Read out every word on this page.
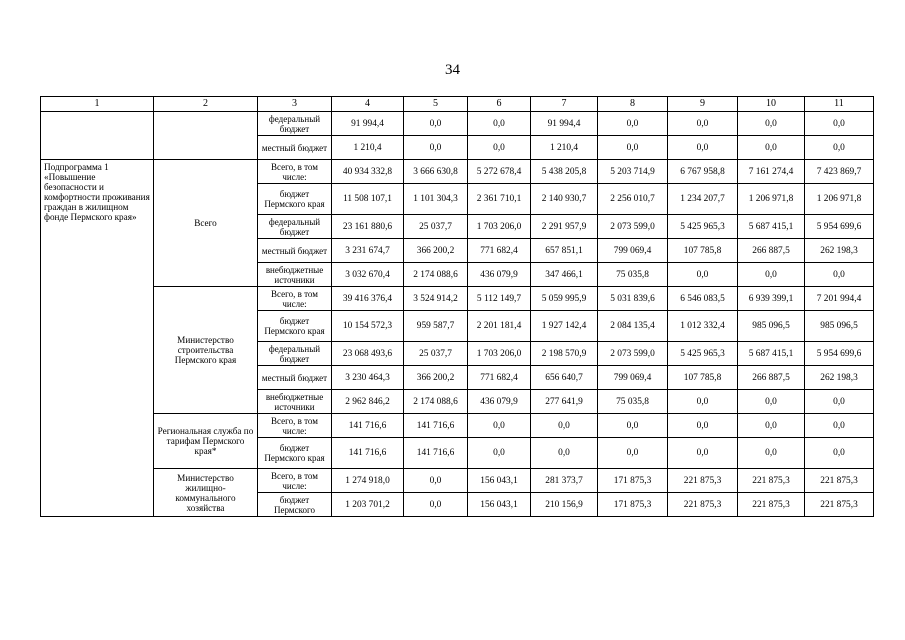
34
1	2	3	4	5	6	7	8	9	10	11
		федеральный бюджет	91 994,4	0,0	0,0	91 994,4	0,0	0,0	0,0	0,0
		местный бюджет	1 210,4	0,0	0,0	1 210,4	0,0	0,0	0,0	0,0
Подпрограмма 1 «Повышение безопасности и комфортности проживания граждан в жилищном фонде Пермского края»	Всего	Всего, в том числе:	40 934 332,8	3 666 630,8	5 272 678,4	5 438 205,8	5 203 714,9	6 767 958,8	7 161 274,4	7 423 869,7
		бюджет Пермского края	11 508 107,1	1 101 304,3	2 361 710,1	2 140 930,7	2 256 010,7	1 234 207,7	1 206 971,8	1 206 971,8
		федеральный бюджет	23 161 880,6	25 037,7	1 703 206,0	2 291 957,9	2 073 599,0	5 425 965,3	5 687 415,1	5 954 699,6
		местный бюджет	3 231 674,7	366 200,2	771 682,4	657 851,1	799 069,4	107 785,8	266 887,5	262 198,3
		внебюджетные источники	3 032 670,4	2 174 088,6	436 079,9	347 466,1	75 035,8	0,0	0,0	0,0
	Министерство строительства Пермского края	Всего, в том числе:	39 416 376,4	3 524 914,2	5 112 149,7	5 059 995,9	5 031 839,6	6 546 083,5	6 939 399,1	7 201 994,4
		бюджет Пермского края	10 154 572,3	959 587,7	2 201 181,4	1 927 142,4	2 084 135,4	1 012 332,4	985 096,5	985 096,5
		федеральный бюджет	23 068 493,6	25 037,7	1 703 206,0	2 198 570,9	2 073 599,0	5 425 965,3	5 687 415,1	5 954 699,6
		местный бюджет	3 230 464,3	366 200,2	771 682,4	656 640,7	799 069,4	107 785,8	266 887,5	262 198,3
		внебюджетные источники	2 962 846,2	2 174 088,6	436 079,9	277 641,9	75 035,8	0,0	0,0	0,0
	Региональная служба по тарифам Пермского края*	Всего, в том числе:	141 716,6	141 716,6	0,0	0,0	0,0	0,0	0,0	0,0
		бюджет Пермского края	141 716,6	141 716,6	0,0	0,0	0,0	0,0	0,0	0,0
	Министерство жилищно-коммунального хозяйства	Всего, в том числе:	1 274 918,0	0,0	156 043,1	281 373,7	171 875,3	221 875,3	221 875,3	221 875,3
		бюджет Пермского	1 203 701,2	0,0	156 043,1	210 156,9	171 875,3	221 875,3	221 875,3	221 875,3
